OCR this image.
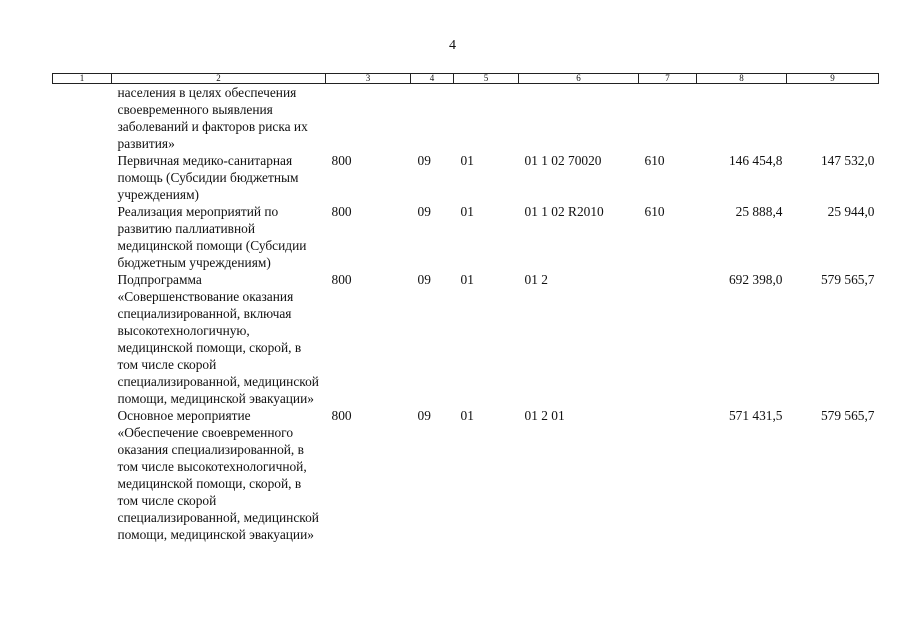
4
1	2	3	4	5	6	7	8	9
	населения в целях обеспечения своевременного выявления заболеваний и факторов риска их развития»							
	Первичная медико-санитарная помощь (Субсидии бюджетным учреждениям)	800	09	01	01 1 02 70020	610	146 454,8	147 532,0
	Реализация мероприятий по развитию паллиативной медицинской помощи (Субсидии бюджетным учреждениям)	800	09	01	01 1 02 R2010	610	25 888,4	25 944,0
	Подпрограмма «Совершенствование оказания специализированной, включая высокотехнологичную, медицинской помощи, скорой, в том числе скорой специализированной, медицинской помощи, медицинской эвакуации»	800	09	01	01 2		692 398,0	579 565,7
	Основное мероприятие «Обеспечение своевременного оказания специализированной, в том числе высокотехнологичной, медицинской помощи, скорой, в том числе скорой специализированной, медицинской помощи, медицинской эвакуации»	800	09	01	01 2 01		571 431,5	579 565,7
